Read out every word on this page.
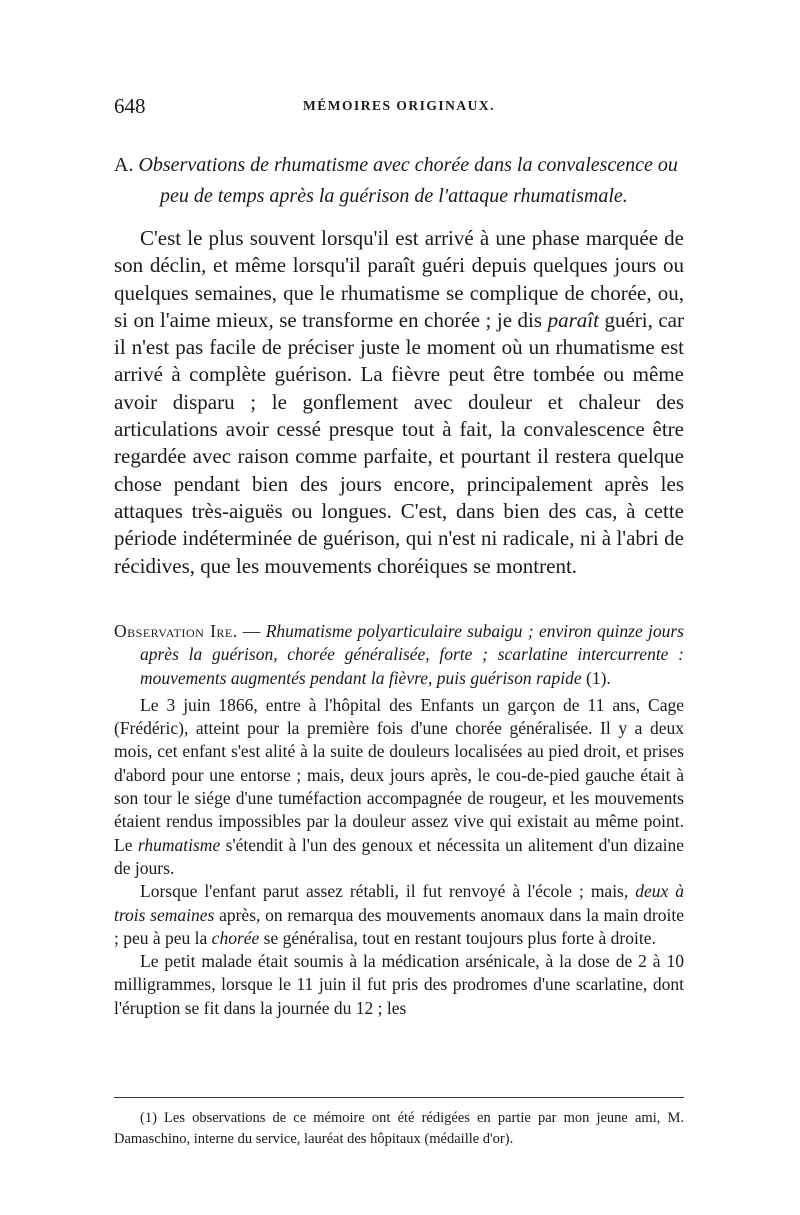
648	MÉMOIRES ORIGINAUX.
A. Observations de rhumatisme avec chorée dans la convalescence ou
peu de temps après la guérison de l'attaque rhumatismale.

C'est le plus souvent lorsqu'il est arrivé à une phase marquée de son déclin, et même lorsqu'il paraît guéri depuis quelques jours ou quelques semaines, que le rhumatisme se complique de chorée, ou, si on l'aime mieux, se transforme en chorée ; je dis paraît guéri, car il n'est pas facile de préciser juste le moment où un rhumatisme est arrivé à complète guérison. La fièvre peut être tombée ou même avoir disparu ; le gonflement avec douleur et chaleur des articulations avoir cessé presque tout à fait, la convalescence être regardée avec raison comme parfaite, et pourtant il restera quelque chose pendant bien des jours encore, principalement après les attaques très-aiguës ou longues. C'est, dans bien des cas, à cette période indéterminée de guérison, qui n'est ni radicale, ni à l'abri de récidives, que les mouvements choréiques se montrent.

Observation Ire. — Rhumatisme polyarticulaire subaigu ; environ quinze jours après la guérison, chorée généralisée, forte ; scarlatine intercurrente : mouvements augmentés pendant la fièvre, puis guérison rapide (1).

Le 3 juin 1866, entre à l'hôpital des Enfants un garçon de 11 ans, Cage (Frédéric), atteint pour la première fois d'une chorée généralisée. Il y a deux mois, cet enfant s'est alité à la suite de douleurs localisées au pied droit, et prises d'abord pour une entorse ; mais, deux jours après, le cou-de-pied gauche était à son tour le siége d'une tuméfaction accompagnée de rougeur, et les mouvements étaient rendus impossibles par la douleur assez vive qui existait au même point. Le rhumatisme s'étendit à l'un des genoux et nécessita un alitement d'un dizaine de jours.

Lorsque l'enfant parut assez rétabli, il fut renvoyé à l'école ; mais, deux à trois semaines après, on remarqua des mouvements anomaux dans la main droite ; peu à peu la chorée se généralisa, tout en restant toujours plus forte à droite.

Le petit malade était soumis à la médication arsénicale, à la dose de 2 à 10 milligrammes, lorsque le 11 juin il fut pris des prodromes d'une scarlatine, dont l'éruption se fit dans la journée du 12 ; les

(1) Les observations de ce mémoire ont été rédigées en partie par mon jeune ami, M. Damaschino, interne du service, lauréat des hôpitaux (médaille d'or).
